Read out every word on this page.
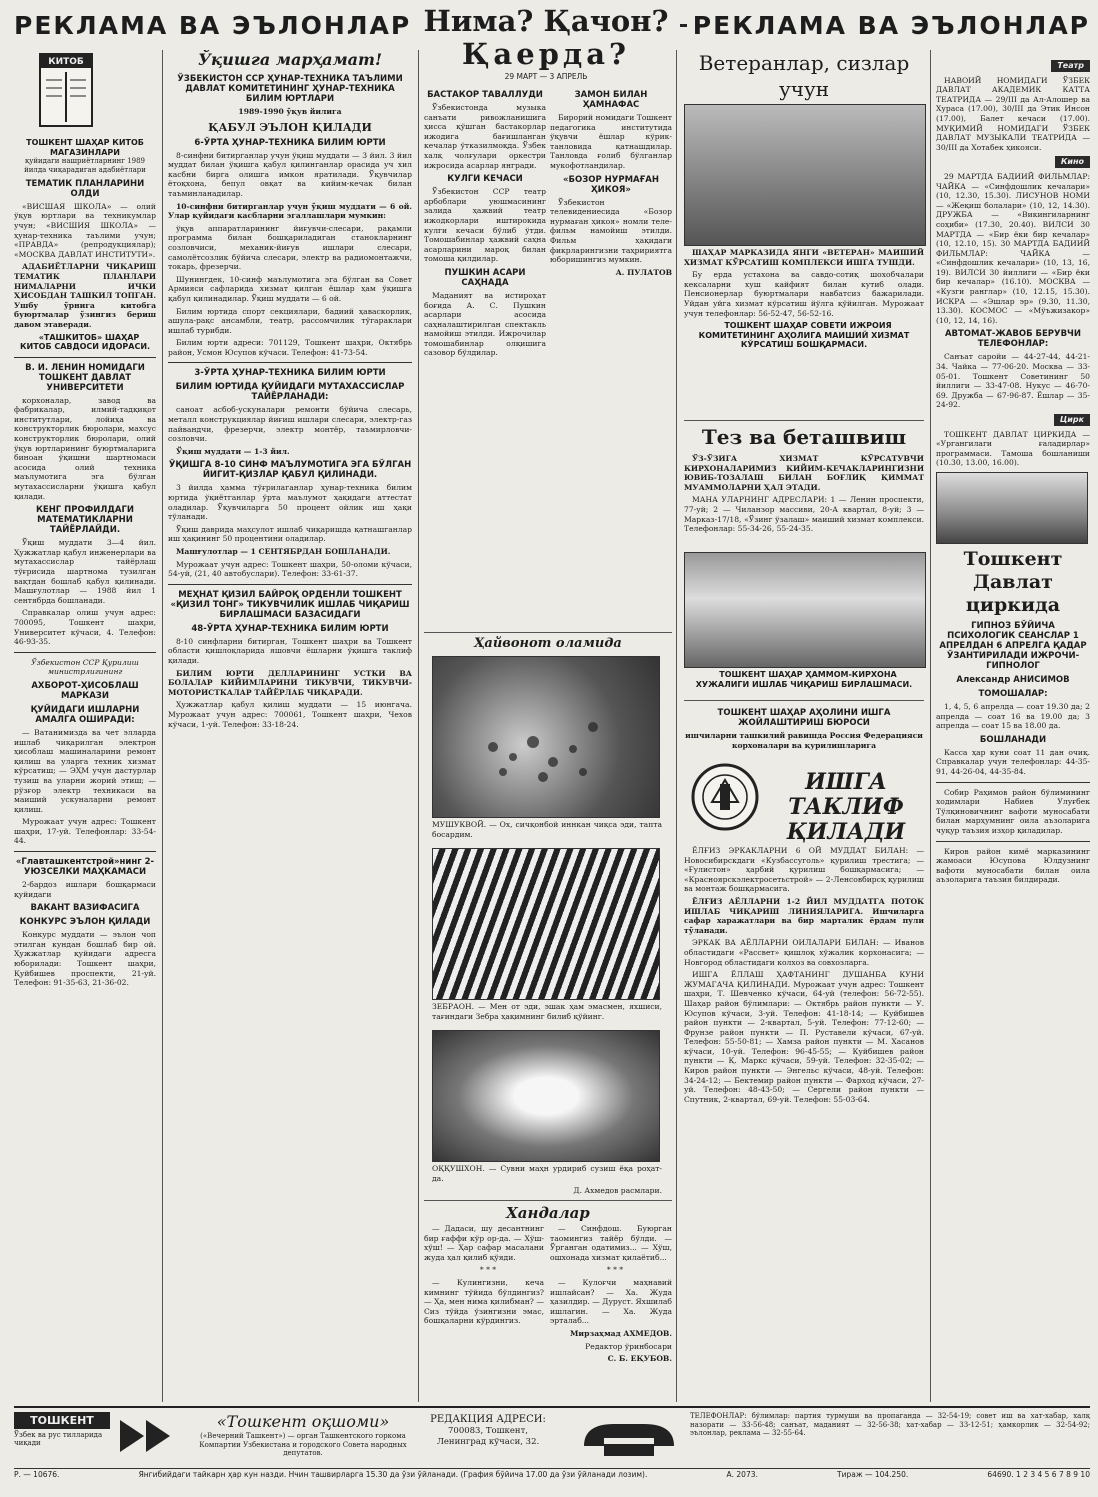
РЕКЛАМА ВА ЭЪЛОНЛАР Нима? Қачон?
Қаерда?
29 МАРТ — 3 АПРЕЛЬ
РЕКЛАМА ВА ЭЪЛОНЛАР
КИТОБ
ТОШКЕНТ ШАҲАР КИТОБ МАГАЗИНЛАРИ

қуйидаги нашриётларнинг 1989 йилда чиқарадиган адабиётлари

ТЕМАТИК ПЛАНЛАРИНИ ОЛДИ

«ВИСШАЯ ШКОЛА» — олий ўқув юртлари ва техникумлар учун; «ВИСШИЯ ШКОЛА» — ҳунар-техника таълими учун; «ПРАВДА» (репродукциялар); «МОСКВА ДАВЛАТ ИНСТИТУТИ».

АДАБИЁТЛАРНИ ЧИҚАРИШ ТЕМАТИК ПЛАНЛАРИ НИМАЛАРНИ ИЧКИ ҲИСОБДАН ТАШКИЛ ТОПГАН. Ушбу ўрнига китобга буюртмалар ўзингиз бериш давом этаверади.

«ТАШКИТОБ» ШАҲАР КИТОБ САВДОСИ ИДОРАСИ.

В. И. ЛЕНИН НОМИДАГИ ТОШКЕНТ ДАВЛАТ УНИВЕРСИТЕТИ

корхоналар, завод ва фабрикалар, илмий-тадқиқот институтлари, лойиҳа ва конструкторлик бюролари, махсус конструкторлик бюролари, олий ўқув юртларининг буюртмаларига биноан ўқишни шартномаси асосида олий техника маълумотига эга бўлган мутахассисларни ўқишга қабул қилади.

КЕНГ ПРОФИЛДАГИ МАТЕМАТИКЛАРНИ ТАЙЁРЛАЙДИ.

Ўқиш муддати 3—4 йил. Ҳужжатлар қабул инженерлари ва мутахассислар тайёрлаш тўғрисида шартнома тузилган вақтдан бошлаб қабул қилинади. Машғулотлар — 1988 йил 1 сентябрда бошланади.

Справкалар олиш учун адрес: 700095, Тошкент шаҳри, Университет кўчаси, 4. Телефон: 46-93-35.

Ўзбекистон ССР Қурилиш министрлигининг

АХБОРОТ-ҲИСОБЛАШ МАРКАЗИ
ҚУЙИДАГИ ИШЛАРНИ АМАЛГА ОШИРАДИ:

— Ватанимизда ва чет элларда ишлаб чиқарилган электрон ҳисоблаш машиналарини ремонт қилиш ва уларга техник хизмат кўрсатиш; — ЭҲМ учун дастурлар тузиш ва уларни жорий этиш; — рўзғор электр техникаси ва маиший ускуналарни ремонт қилиш.

Мурожаат учун адрес: Тошкент шаҳри, 17-уй. Телефонлар: 33-54-44.

«Главташкентстрой»нинг 2-УЮЗСЕЛКИ МАҲКАМАСИ

2-бардоз ишлари бошқармаси қуйидаги

ВАКАНТ ВАЗИФАСИГА
КОНКУРС ЭЪЛОН ҚИЛАДИ

Конкурс муддати — эълон чоп этилган кундан бошлаб бир ой. Ҳужжатлар қуйидаги адресга юборилади: Тошкент шаҳри, Қуйбишев проспекти, 21-уй. Телефон: 91-35-63, 21-36-02.

Ўқишга марҳамат!
ЎЗБЕКИСТОН ССР ҲУНАР-ТЕХНИКА ТАЪЛИМИ ДАВЛАТ КОМИТЕТИНИНГ ҲУНАР-ТЕХНИКА БИЛИМ ЮРТЛАРИ

1989-1990 ўқув йилига

ҚАБУЛ ЭЪЛОН ҚИЛАДИ
6-ЎРТА ҲУНАР-ТЕХНИКА БИЛИМ ЮРТИ

8-синфни битирганлар учун ўқиш муддати — 3 йил. 3 йил муддат билан ўқишга қабул қилинганлар орасида уч хил касбни бирга олишга имкон яратилади. Ўқувчилар ётоқхона, бепул овқат ва кийим-кечак билан таъминланадилар.

10-синфни битирганлар учун ўқиш муддати — 6 ой. Улар қуйидаги касбларни эгаллашлари мумкин:

ўқув аппаратларининг йиғувчи-слесари, рақамли программа билан бошқариладиган станокларнинг созловчиси, механик-йиғув ишлари слесари, самолётсозлик бўйича слесари, электр ва радиомонтажчи, токарь, фрезерчи.

Шунингдек, 10-синф маълумотига эга бўлган ва Совет Армияси сафларида хизмат қилган ёшлар ҳам ўқишга қабул қилинадилар. Ўқиш муддати — 6 ой.

Билим юртида спорт секциялари, бадиий ҳаваскорлик, ашула-рақс ансамбли, театр, рассомчилик тўгараклари ишлаб турибди.

Билим юрти адреси: 701129, Тошкент шаҳри, Октябрь район, Усмон Юсупов кўчаси. Телефон: 41-73-54.

3-ЎРТА ҲУНАР-ТЕХНИКА БИЛИМ ЮРТИ
БИЛИМ ЮРТИДА ҚУЙИДАГИ МУТАХАССИСЛАР ТАЙЁРЛАНАДИ:

саноат асбоб-ускуналари ремонти бўйича слесарь, металл конструкциялар йиғиш ишлари слесари, электр-газ пайвандчи, фрезерчи, электр монтёр, таъмирловчи-созловчи.

Ўқиш муддати — 1-3 йил.

ЎҚИШГА 8-10 СИНФ МАЪЛУМОТИГА ЭГА БЎЛГАН ЙИГИТ-ҚИЗЛАР ҚАБУЛ ҚИЛИНАДИ.

3 йилда ҳамма тўғрилаганлар ҳунар-техника билим юртида ўқиётганлар ўрта маълумот ҳақидаги аттестат оладилар. Ўқувчиларга 50 процент ойлик иш ҳақи тўланади.

Ўқиш даврида маҳсулот ишлаб чиқаришда қатнашганлар иш ҳақининг 50 процентини оладилар.

Машғулотлар — 1 СЕНТЯБРДАН БОШЛАНАДИ.

Мурожаат учун адрес: Тошкент шаҳри, 50-оломи кўчаси, 54-уй, (21, 40 автобуслари). Телефон: 33-61-37.

МЕҲНАТ ҚИЗИЛ БАЙРОҚ ОРДЕНЛИ ТОШКЕНТ «ҚИЗИЛ ТОНГ» ТИКУВЧИЛИК ИШЛАБ ЧИҚАРИШ БИРЛАШМАСИ БАЗАСИДАГИ
48-ЎРТА ҲУНАР-ТЕХНИКА БИЛИМ ЮРТИ

8-10 синфларни битирган, Тошкент шаҳри ва Тошкент области қишлоқларида яшовчи ёшларни ўқишга таклиф қилади.

БИЛИМ ЮРТИ ДЕЛЛАРИНИНГ УСТКИ ВА БОЛАЛАР КИЙИМЛАРИНИ ТИКУВЧИ, ТИКУВЧИ-МОТОРИСТКАЛАР ТАЙЁРЛАБ ЧИҚАРАДИ.

Ҳужжатлар қабул қилиш муддати — 15 июнгача. Мурожаат учун адрес: 700061, Тошкент шаҳри, Чехов кўчаси, 1-уй. Телефон: 33-18-24.

БАСТАКОР ТАВАЛЛУДИ

Ўзбекистонда музыка санъати ривожланишига ҳисса қўшган бастакорлар ижодига бағишланган кечалар ўтказилмоқда. Ўзбек халқ чолғулари оркестри ижросида асарлар янгради.

КУЛГИ КЕЧАСИ

Ўзбекистон ССР театр арбоблари уюшмасининг залида ҳажвий театр ижодкорлари иштирокида кулги кечаси бўлиб ўтди. Томошабинлар ҳажвий саҳна асарларини мароқ билан томоша қилдилар.

ПУШКИН АСАРИ САҲНАДА

Маданият ва истироҳат боғида А. С. Пушкин асарлари асосида саҳналаштирилган спектакль намойиш этилди. Ижрочилар томошабинлар олқишига сазовор бўлдилар.

ЗАМОН БИЛАН ҲАМНАФАС

Бирорий номидаги Тошкент педагогика институтида ўқувчи ёшлар кўрик-танловида қатнашдилар. Танловда ғолиб бўлганлар мукофотландилар.

«БОЗОР НУРМАҒАН ҲИКОЯ»

Ўзбекистон телевидениесида «Бозор нурмаған ҳикоя» номли теле-фильм намойиш этилди. Фильм ҳақидаги фикрларингизни таҳририятга юборишингиз мумкин.

А. ПУЛАТОВ

Ҳайвонот оламида

МУШУКВОЙ. — Ох, сичқонбой иннкан чиқса эди, тапта босардим.

ЗЕБРАОН. — Мен от эди, эшак ҳам эмасмен, яхшиси, тағиндаги Зебра ҳақимнинг билиб қўйинг.

ОҚҚУШХОН. — Сувни маҳн урдириб сузиш ёқа роҳат-да.

Д. Ахмедов расмлари.

Хандалар

— Дадаси, шу десантнинг бир ғаффи кўр ор-да. — Хўш-хўш! — Ҳар сафар масалани жуда ҳал қилиб қўяди.

* * *

— Кулингизни, кеча кимнинг тўйида бўлдингиз? — Ҳа, мен нима қилибман? — Сиз тўйда ўзингизни эмас, бошқаларни кўрдингиз.

— Синфдош. Буюрган таомингиз тайёр бўлди. — Ўрганган одатимиз... — Хўш, ошхонада хизмат қилаётиб...

* * *

— Кулоғчи маҳнавий ишлайсан? — Ха. Жуда ҳазилдир. — Дуруст. Яхшилаб ишлагин. — Ха. Жуда эрталаб...

Мирзаҳмад АХМЕДОВ.

Редактор ўринбосари

С. Б. ЕҚУБОВ.

Ветеранлар, сизлар учун

ШАҲАР МАРКАЗИДА ЯНГИ «ВЕТЕРАН» МАИШИЙ ХИЗМАТ КЎРСАТИШ КОМПЛЕКСИ ИШГА ТУШДИ.

Бу ерда устахона ва савдо-сотиқ шохобчалари кексаларни хуш кайфият билан кутиб олади. Пенсионерлар буюртмалари навбатсиз бажарилади. Уйдан уйга хизмат кўрсатиш йўлга қўйилган. Мурожаат учун телефонлар: 56-52-47, 56-52-16.

ТОШКЕНТ ШАҲАР СОВЕТИ ИЖРОИЯ КОМИТЕТИНИНГ АҲОЛИГА МАИШИЙ ХИЗМАТ КЎРСАТИШ БОШҚАРМАСИ.

Тез ва беташвиш

ЎЗ-ЎЗИГА ХИЗМАТ КЎРСАТУВЧИ КИРХОНАЛАРИМИЗ КИЙИМ-КЕЧАКЛАРИНГИЗНИ ЮВИБ-ТОЗАЛАШ БИЛАН БОҒЛИҚ ҚИММАТ МУАММОЛАРНИ ҲАЛ ЭТАДИ.

МАНА УЛАРНИНГ АДРЕСЛАРИ: 1 — Ленин проспекти, 77-уй; 2 — Чиланзор массиви, 20-А квартал, 8-уй; 3 — Марказ-17/18, «Ўзинг ўзалаш» маиший хизмат комплекси. Телефонлар: 55-34-26, 55-24-35.

ТОШКЕНТ ШАҲАР ҲАММОМ-КИРХОНА ХУЖАЛИГИ ИШЛАБ ЧИҚАРИШ БИРЛАШМАСИ.

ТОШКЕНТ ШАҲАР АҲОЛИНИ ИШГА ЖОЙЛАШТИРИШ БЮРОСИ

ишчиларни ташкилий равишда Россия Федерацияси корхоналари ва қурилишларига

ИШГА ТАКЛИФ ҚИЛАДИ

ЁЛҒИЗ ЭРКАКЛАРНИ 6 ОЙ МУДДАТ БИЛАН: — Новосибирскдаги «Кузбассуголь» қурилиш трестига; — «Ғулистон» ҳарбий қурилиш бошқармасига; — «Красноярскэлектросетьстрой» — 2-Ленсовбирсқ қурилиш ва монтаж бошқармасига.

ЁЛҒИЗ АЁЛЛАРНИ 1-2 ЙИЛ МУДДАТГА ПОТОК ИШЛАБ ЧИҚАРИШ ЛИНИЯЛАРИГА. Ишчиларга сафар харажатлари ва бир марталик ёрдам пули тўланади.

ЭРКАК ВА АЁЛЛАРНИ ОИЛАЛАРИ БИЛАН: — Иванов областидаги «Рассвет» қишлоқ хўжалик корхонасига; — Новгород областидаги колхоз ва совхозларга.

ИШГА ЁЛЛАШ ҲАФТАНИНГ ДУШАНБА КУНИ ЖУМАГАЧА ҚИЛИНАДИ. Мурожаат учун адрес: Тошкент шаҳри, Т. Шевченко кўчаси, 64-уй (телефон: 56-72-55). Шаҳар район бўлимлари: — Октябрь район пункти — У. Юсупов кўчаси, 3-уй. Телефон: 41-18-14; — Куйбишев район пункти — 2-квартал, 5-уй. Телефон: 77-12-60; — Фрунзе район пункти — П. Руставели кўчаси, 67-уй. Телефон: 55-50-81; — Хамза район пункти — М. Хасанов кўчаси, 10-уй. Телефон: 96-45-55; — Куйбишев район пункти — Қ. Маркс кўчаси, 59-уй. Телефон: 32-35-02; — Киров район пункти — Энгельс кўчаси, 48-уй. Телефон: 34-24-12; — Бектемир район пункти — Фарход кўчаси, 27-уй. Телефон: 48-43-50; — Сергели район пункти — Спутник, 2-квартал, 69-уй. Телефон: 55-03-64.

Театр

НАВОИЙ НОМИДАГИ ЎЗБЕК ДАВЛАТ АКАДЕМИК КАТТА ТЕАТРИДА — 29/III да Ал-Алошер ва Хураса (17.00), 30/III да Этик Инсон (17.00), Балет кечаси (17.00). МУҚИМИЙ НОМИДАГИ ЎЗБЕК ДАВЛАТ МУЗЫКАЛИ ТЕАТРИДА — 30/III да Хотабек ҳикояси.

Кино

29 МАРТДА БАДИИЙ ФИЛЬМЛАР: ЧАЙКА — «Синфдошлик кечалари» (10, 12.30, 15.30). ЛИСУНОВ НОМИ — «Жеқиш болалари» (10, 12, 14.30). ДРУЖБА — «Викингиларнинг соҳиби» (17.30, 20.40). ВИЛСИ 30 МАРТДА — «Бир ёки бир кечалар» (10, 12.10, 15). 30 МАРТДА БАДИИЙ ФИЛЬМЛАР: ЧАЙКА — «Синфдошлик кечалари» (10, 13, 16, 19). ВИЛСИ 30 йиллиги — «Бир ёки бир кечалар» (16.10). МОСКВА — «Кузги ранглар» (10, 12.15, 15.30). ИСКРА — «Эшлар эр» (9.30, 11.30, 13.30). КОСМОС — «Мўъжизакор» (10, 12, 14, 16).

АВТОМАТ-ЖАВОБ БЕРУВЧИ ТЕЛЕФОНЛАР:

Санъат саройи — 44-27-44, 44-21-34. Чайка — 77-06-20. Москва — 33-05-01. Тошкент Советининг 50 йиллиги — 33-47-08. Нукус — 46-70-69. Дружба — 67-96-87. Ёшлар — 35-24-92.

Цирк

ТОШКЕНТ ДАВЛАТ ЦИРКИДА — «Ургангилаги ғаладирлар» программаси. Тамоша бошланиши (10.30, 13.00, 16.00).

Тошкент Давлат циркида
ГИПНОЗ БЎЙИЧА ПСИХОЛОГИК СЕАНСЛАР 1 АПРЕЛДАН 6 АПРЕЛГА ҚАДАР ЎЗАНТИРИЛАДИ ИЖРОЧИ-ГИПНОЛОГ
Александр АНИСИМОВ
ТОМОШАЛАР:

1, 4, 5, 6 апрелда — соат 19.30 да; 2 апрелда — соат 16 ва 19.00 да; 3 апрелда — соат 15 ва 18.00 да.

БОШЛАНАДИ

Касса ҳар куни соат 11 дан очиқ. Справкалар учун телефонлар: 44-35-91, 44-26-04, 44-35-84.

Собир Раҳимов район бўлимининг ходимлари Набиев Улуғбек Тўлқиновичнинг вафоти муносабати билан марҳумнинг оила аъзоларига чуқур таъзия изҳор қиладилар.

Киров район кимё марказининг жамоаси Юсупова Юлдузнинг вафоти муносабати билан оила аъзоларига таъзия билдиради.

ТОШКЕНТ
Ўзбек ва рус тилларида чиқади
«Тошкент оқшоми»
(«Вечерний Ташкент») — орган Ташкентского горкома Компартии Узбекистана и городского Совета народных депутатов.
РЕДАКЦИЯ АДРЕСИ:
700083, Тошкент, Ленинград кўчаси, 32.
ТЕЛЕФОНЛАР: бўлимлар: партия турмуши ва пропаганда — 32-54-19; совет иш ва хат-хабар, халқ назорати — 33-56-48; санъат, маданият — 32-56-38; хат-хабар — 33-12-51; ҳамкорлик — 32-54-92; эълонлар, реклама — 32-55-64.
Р. — 10676.	Янгибийдаги тайкарн ҳар кун назди. Нчин ташвирларга 15.30 да ўзи ўйланади. (Графия бўйича 17.00 да ўзи ўйланади лозим).	А. 2073.	Тираж — 104.250.	64690. 1 2 3 4 5 6 7 8 9 10
